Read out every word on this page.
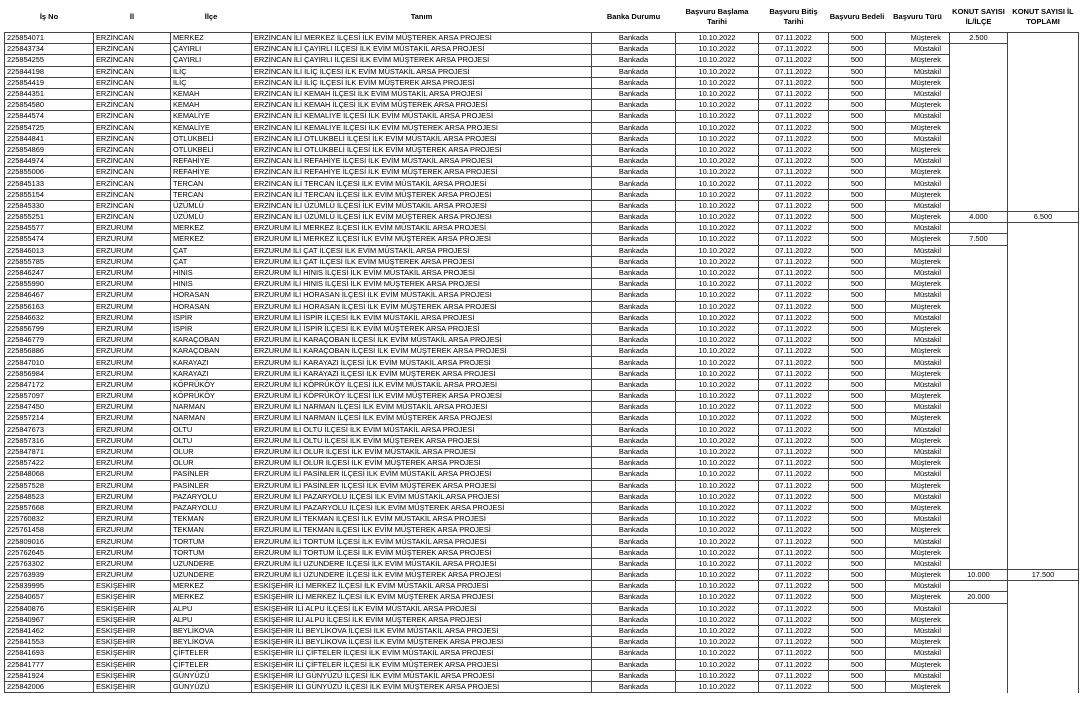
İş No	İl	İlçe	Tanım	Banka Durumu	Başvuru Başlama Tarihi	Başvuru Bitiş Tarihi	Başvuru Bedeli	Başvuru Türü	KONUT SAYISI İL/İLÇE	KONUT SAYISI İL TOPLAMI
225854071	ERZİNCAN	MERKEZ	ERZİNCAN İLİ MERKEZ İLÇESİ İLK EVİM MÜŞTEREK ARSA PROJESİ	Bankada	10.10.2022	07.11.2022	500	Müşterek	2.500	
225843734	ERZİNCAN	ÇAYIRLI	ERZİNCAN İLİ ÇAYIRLI İLÇESİ İLK EVİM MÜSTAKİL ARSA PROJESİ	Bankada	10.10.2022	07.11.2022	500	Müstakil		
225854255	ERZİNCAN	ÇAYIRLI	ERZİNCAN İLİ ÇAYIRLI İLÇESİ İLK EVİM MÜŞTEREK ARSA PROJESİ	Bankada	10.10.2022	07.11.2022	500	Müşterek		
225844198	ERZİNCAN	İLİÇ	ERZİNCAN İLİ İLİÇ İLÇESİ İLK EVİM MÜSTAKİL ARSA PROJESİ	Bankada	10.10.2022	07.11.2022	500	Müstakil		
225854419	ERZİNCAN	İLİÇ	ERZİNCAN İLİ İLİÇ İLÇESİ İLK EVİM MÜŞTEREK ARSA PROJESİ	Bankada	10.10.2022	07.11.2022	500	Müşterek		
225844351	ERZİNCAN	KEMAH	ERZİNCAN İLİ KEMAH İLÇESİ İLK EVİM MÜSTAKİL ARSA PROJESİ	Bankada	10.10.2022	07.11.2022	500	Müstakil		
225854580	ERZİNCAN	KEMAH	ERZİNCAN İLİ KEMAH İLÇESİ İLK EVİM MÜŞTEREK ARSA PROJESİ	Bankada	10.10.2022	07.11.2022	500	Müşterek		
225844574	ERZİNCAN	KEMALİYE	ERZİNCAN İLİ KEMALİYE İLÇESİ İLK EVİM MÜSTAKİL ARSA PROJESİ	Bankada	10.10.2022	07.11.2022	500	Müstakil		
225854725	ERZİNCAN	KEMALİYE	ERZİNCAN İLİ KEMALİYE İLÇESİ İLK EVİM MÜŞTEREK ARSA PROJESİ	Bankada	10.10.2022	07.11.2022	500	Müşterek		
225844841	ERZİNCAN	OTLUKBELİ	ERZİNCAN İLİ OTLUKBELİ İLÇESİ İLK EVİM MÜSTAKİL ARSA PROJESİ	Bankada	10.10.2022	07.11.2022	500	Müstakil		
225854869	ERZİNCAN	OTLUKBELİ	ERZİNCAN İLİ OTLUKBELİ İLÇESİ İLK EVİM MÜŞTEREK ARSA PROJESİ	Bankada	10.10.2022	07.11.2022	500	Müşterek		
225844974	ERZİNCAN	REFAHİYE	ERZİNCAN İLİ REFAHİYE İLÇESİ İLK EVİM MÜSTAKİL ARSA PROJESİ	Bankada	10.10.2022	07.11.2022	500	Müstakil		
225855006	ERZİNCAN	REFAHİYE	ERZİNCAN İLİ REFAHİYE İLÇESİ İLK EVİM MÜŞTEREK ARSA PROJESİ	Bankada	10.10.2022	07.11.2022	500	Müşterek		
225845133	ERZİNCAN	TERCAN	ERZİNCAN İLİ TERCAN İLÇESİ İLK EVİM MÜSTAKİL ARSA PROJESİ	Bankada	10.10.2022	07.11.2022	500	Müstakil		
225855154	ERZİNCAN	TERCAN	ERZİNCAN İLİ TERCAN İLÇESİ İLK EVİM MÜŞTEREK ARSA PROJESİ	Bankada	10.10.2022	07.11.2022	500	Müşterek		
225845330	ERZİNCAN	ÜZÜMLÜ	ERZİNCAN İLİ ÜZÜMLÜ İLÇESİ İLK EVİM MÜSTAKİL ARSA PROJESİ	Bankada	10.10.2022	07.11.2022	500	Müstakil		
225855251	ERZİNCAN	ÜZÜMLÜ	ERZİNCAN İLİ ÜZÜMLÜ İLÇESİ İLK EVİM MÜŞTEREK ARSA PROJESİ	Bankada	10.10.2022	07.11.2022	500	Müşterek	4.000	6.500
225845577	ERZURUM	MERKEZ	ERZURUM İLİ MERKEZ İLÇESİ İLK EVİM MÜSTAKİL ARSA PROJESİ	Bankada	10.10.2022	07.11.2022	500	Müstakil		
225855474	ERZURUM	MERKEZ	ERZURUM İLİ MERKEZ İLÇESİ İLK EVİM MÜŞTEREK ARSA PROJESİ	Bankada	10.10.2022	07.11.2022	500	Müşterek	7.500	
225846013	ERZURUM	ÇAT	ERZURUM İLİ ÇAT İLÇESİ İLK EVİM MÜSTAKİL ARSA PROJESİ	Bankada	10.10.2022	07.11.2022	500	Müstakil		
225855785	ERZURUM	ÇAT	ERZURUM İLİ ÇAT İLÇESİ İLK EVİM MÜŞTEREK ARSA PROJESİ	Bankada	10.10.2022	07.11.2022	500	Müşterek		
225846247	ERZURUM	HINIS	ERZURUM İLİ HINIS İLÇESİ İLK EVİM MÜSTAKİL ARSA PROJESİ	Bankada	10.10.2022	07.11.2022	500	Müstakil		
225855990	ERZURUM	HINIS	ERZURUM İLİ HINIS İLÇESİ İLK EVİM MÜŞTEREK ARSA PROJESİ	Bankada	10.10.2022	07.11.2022	500	Müşterek		
225846467	ERZURUM	HORASAN	ERZURUM İLİ HORASAN İLÇESİ İLK EVİM MÜSTAKİL ARSA PROJESİ	Bankada	10.10.2022	07.11.2022	500	Müstakil		
225856163	ERZURUM	HORASAN	ERZURUM İLİ HORASAN İLÇESİ İLK EVİM MÜŞTEREK ARSA PROJESİ	Bankada	10.10.2022	07.11.2022	500	Müşterek		
225846632	ERZURUM	İSPİR	ERZURUM İLİ İSPİR İLÇESİ İLK EVİM MÜSTAKİL ARSA PROJESİ	Bankada	10.10.2022	07.11.2022	500	Müstakil		
225856799	ERZURUM	İSPİR	ERZURUM İLİ İSPİR İLÇESİ İLK EVİM MÜŞTEREK ARSA PROJESİ	Bankada	10.10.2022	07.11.2022	500	Müşterek		
225846779	ERZURUM	KARAÇOBAN	ERZURUM İLİ KARAÇOBAN İLÇESİ İLK EVİM MÜSTAKİL ARSA PROJESİ	Bankada	10.10.2022	07.11.2022	500	Müstakil		
225856886	ERZURUM	KARAÇOBAN	ERZURUM İLİ KARAÇOBAN İLÇESİ İLK EVİM MÜŞTEREK ARSA PROJESİ	Bankada	10.10.2022	07.11.2022	500	Müşterek		
225847010	ERZURUM	KARAYAZI	ERZURUM İLİ KARAYAZI İLÇESİ İLK EVİM MÜSTAKİL ARSA PROJESİ	Bankada	10.10.2022	07.11.2022	500	Müstakil		
225856984	ERZURUM	KARAYAZI	ERZURUM İLİ KARAYAZI İLÇESİ İLK EVİM MÜŞTEREK ARSA PROJESİ	Bankada	10.10.2022	07.11.2022	500	Müşterek		
225847172	ERZURUM	KÖPRÜKÖY	ERZURUM İLİ KÖPRÜKÖY İLÇESİ İLK EVİM MÜSTAKİL ARSA PROJESİ	Bankada	10.10.2022	07.11.2022	500	Müstakil		
225857097	ERZURUM	KÖPRÜKÖY	ERZURUM İLİ KÖPRÜKÖY İLÇESİ İLK EVİM MÜŞTEREK ARSA PROJESİ	Bankada	10.10.2022	07.11.2022	500	Müşterek		
225847450	ERZURUM	NARMAN	ERZURUM İLİ NARMAN İLÇESİ İLK EVİM MÜSTAKİL ARSA PROJESİ	Bankada	10.10.2022	07.11.2022	500	Müstakil		
225857214	ERZURUM	NARMAN	ERZURUM İLİ NARMAN İLÇESİ İLK EVİM MÜŞTEREK ARSA PROJESİ	Bankada	10.10.2022	07.11.2022	500	Müşterek		
225847673	ERZURUM	OLTU	ERZURUM İLİ OLTU İLÇESİ İLK EVİM MÜSTAKİL ARSA PROJESİ	Bankada	10.10.2022	07.11.2022	500	Müstakil		
225857316	ERZURUM	OLTU	ERZURUM İLİ OLTU İLÇESİ İLK EVİM MÜŞTEREK ARSA PROJESİ	Bankada	10.10.2022	07.11.2022	500	Müşterek		
225847871	ERZURUM	OLUR	ERZURUM İLİ OLUR İLÇESİ İLK EVİM MÜSTAKİL ARSA PROJESİ	Bankada	10.10.2022	07.11.2022	500	Müstakil		
225857422	ERZURUM	OLUR	ERZURUM İLİ OLUR İLÇESİ İLK EVİM MÜŞTEREK ARSA PROJESİ	Bankada	10.10.2022	07.11.2022	500	Müşterek		
225848068	ERZURUM	PASİNLER	ERZURUM İLİ PASİNLER İLÇESİ İLK EVİM MÜSTAKİL ARSA PROJESİ	Bankada	10.10.2022	07.11.2022	500	Müstakil		
225857528	ERZURUM	PASİNLER	ERZURUM İLİ PASİNLER İLÇESİ İLK EVİM MÜŞTEREK ARSA PROJESİ	Bankada	10.10.2022	07.11.2022	500	Müşterek		
225848523	ERZURUM	PAZARYOLU	ERZURUM İLİ PAZARYOLU İLÇESİ İLK EVİM MÜSTAKİL ARSA PROJESİ	Bankada	10.10.2022	07.11.2022	500	Müstakil		
225857668	ERZURUM	PAZARYOLU	ERZURUM İLİ PAZARYOLU İLÇESİ İLK EVİM MÜŞTEREK ARSA PROJESİ	Bankada	10.10.2022	07.11.2022	500	Müşterek		
225760832	ERZURUM	TEKMAN	ERZURUM İLİ TEKMAN İLÇESİ İLK EVİM MÜSTAKİL ARSA PROJESİ	Bankada	10.10.2022	07.11.2022	500	Müstakil		
225761458	ERZURUM	TEKMAN	ERZURUM İLİ TEKMAN İLÇESİ İLK EVİM MÜŞTEREK ARSA PROJESİ	Bankada	10.10.2022	07.11.2022	500	Müşterek		
225809016	ERZURUM	TORTUM	ERZURUM İLİ TORTUM İLÇESİ İLK EVİM MÜSTAKİL ARSA PROJESİ	Bankada	10.10.2022	07.11.2022	500	Müstakil		
225762645	ERZURUM	TORTUM	ERZURUM İLİ TORTUM İLÇESİ İLK EVİM MÜŞTEREK ARSA PROJESİ	Bankada	10.10.2022	07.11.2022	500	Müşterek		
225763302	ERZURUM	UZUNDERE	ERZURUM İLİ UZUNDERE İLÇESİ İLK EVİM MÜSTAKİL ARSA PROJESİ	Bankada	10.10.2022	07.11.2022	500	Müstakil		
225763939	ERZURUM	UZUNDERE	ERZURUM İLİ UZUNDERE İLÇESİ İLK EVİM MÜŞTEREK ARSA PROJESİ	Bankada	10.10.2022	07.11.2022	500	Müşterek	10.000	17.500
225839995	ESKİŞEHİR	MERKEZ	ESKİŞEHİR İLİ MERKEZ İLÇESİ İLK EVİM MÜSTAKİL ARSA PROJESİ	Bankada	10.10.2022	07.11.2022	500	Müstakil		
225840657	ESKİŞEHİR	MERKEZ	ESKİŞEHİR İLİ MERKEZ İLÇESİ İLK EVİM MÜŞTEREK ARSA PROJESİ	Bankada	10.10.2022	07.11.2022	500	Müşterek	20.000	
225840876	ESKİŞEHİR	ALPU	ESKİŞEHİR İLİ ALPU İLÇESİ İLK EVİM MÜSTAKİL ARSA PROJESİ	Bankada	10.10.2022	07.11.2022	500	Müstakil		
225840967	ESKİŞEHİR	ALPU	ESKİŞEHİR İLİ ALPU İLÇESİ İLK EVİM MÜŞTEREK ARSA PROJESİ	Bankada	10.10.2022	07.11.2022	500	Müşterek		
225841462	ESKİŞEHİR	BEYLİKOVA	ESKİŞEHİR İLİ BEYLİKOVA İLÇESİ İLK EVİM MÜSTAKİL ARSA PROJESİ	Bankada	10.10.2022	07.11.2022	500	Müstakil		
225841553	ESKİŞEHİR	BEYLİKOVA	ESKİŞEHİR İLİ BEYLİKOVA İLÇESİ İLK EVİM MÜŞTEREK ARSA PROJESİ	Bankada	10.10.2022	07.11.2022	500	Müşterek		
225841693	ESKİŞEHİR	ÇİFTELER	ESKİŞEHİR İLİ ÇİFTELER İLÇESİ İLK EVİM MÜSTAKİL ARSA PROJESİ	Bankada	10.10.2022	07.11.2022	500	Müstakil		
225841777	ESKİŞEHİR	ÇİFTELER	ESKİŞEHİR İLİ ÇİFTELER İLÇESİ İLK EVİM MÜŞTEREK ARSA PROJESİ	Bankada	10.10.2022	07.11.2022	500	Müşterek		
225841924	ESKİŞEHİR	GÜNYÜZÜ	ESKİŞEHİR İLİ GÜNYÜZÜ İLÇESİ İLK EVİM MÜSTAKİL ARSA PROJESİ	Bankada	10.10.2022	07.11.2022	500	Müstakil		
225842006	ESKİŞEHİR	GÜNYÜZÜ	ESKİŞEHİR İLİ GÜNYÜZÜ İLÇESİ İLK EVİM MÜŞTEREK ARSA PROJESİ	Bankada	10.10.2022	07.11.2022	500	Müşterek		
